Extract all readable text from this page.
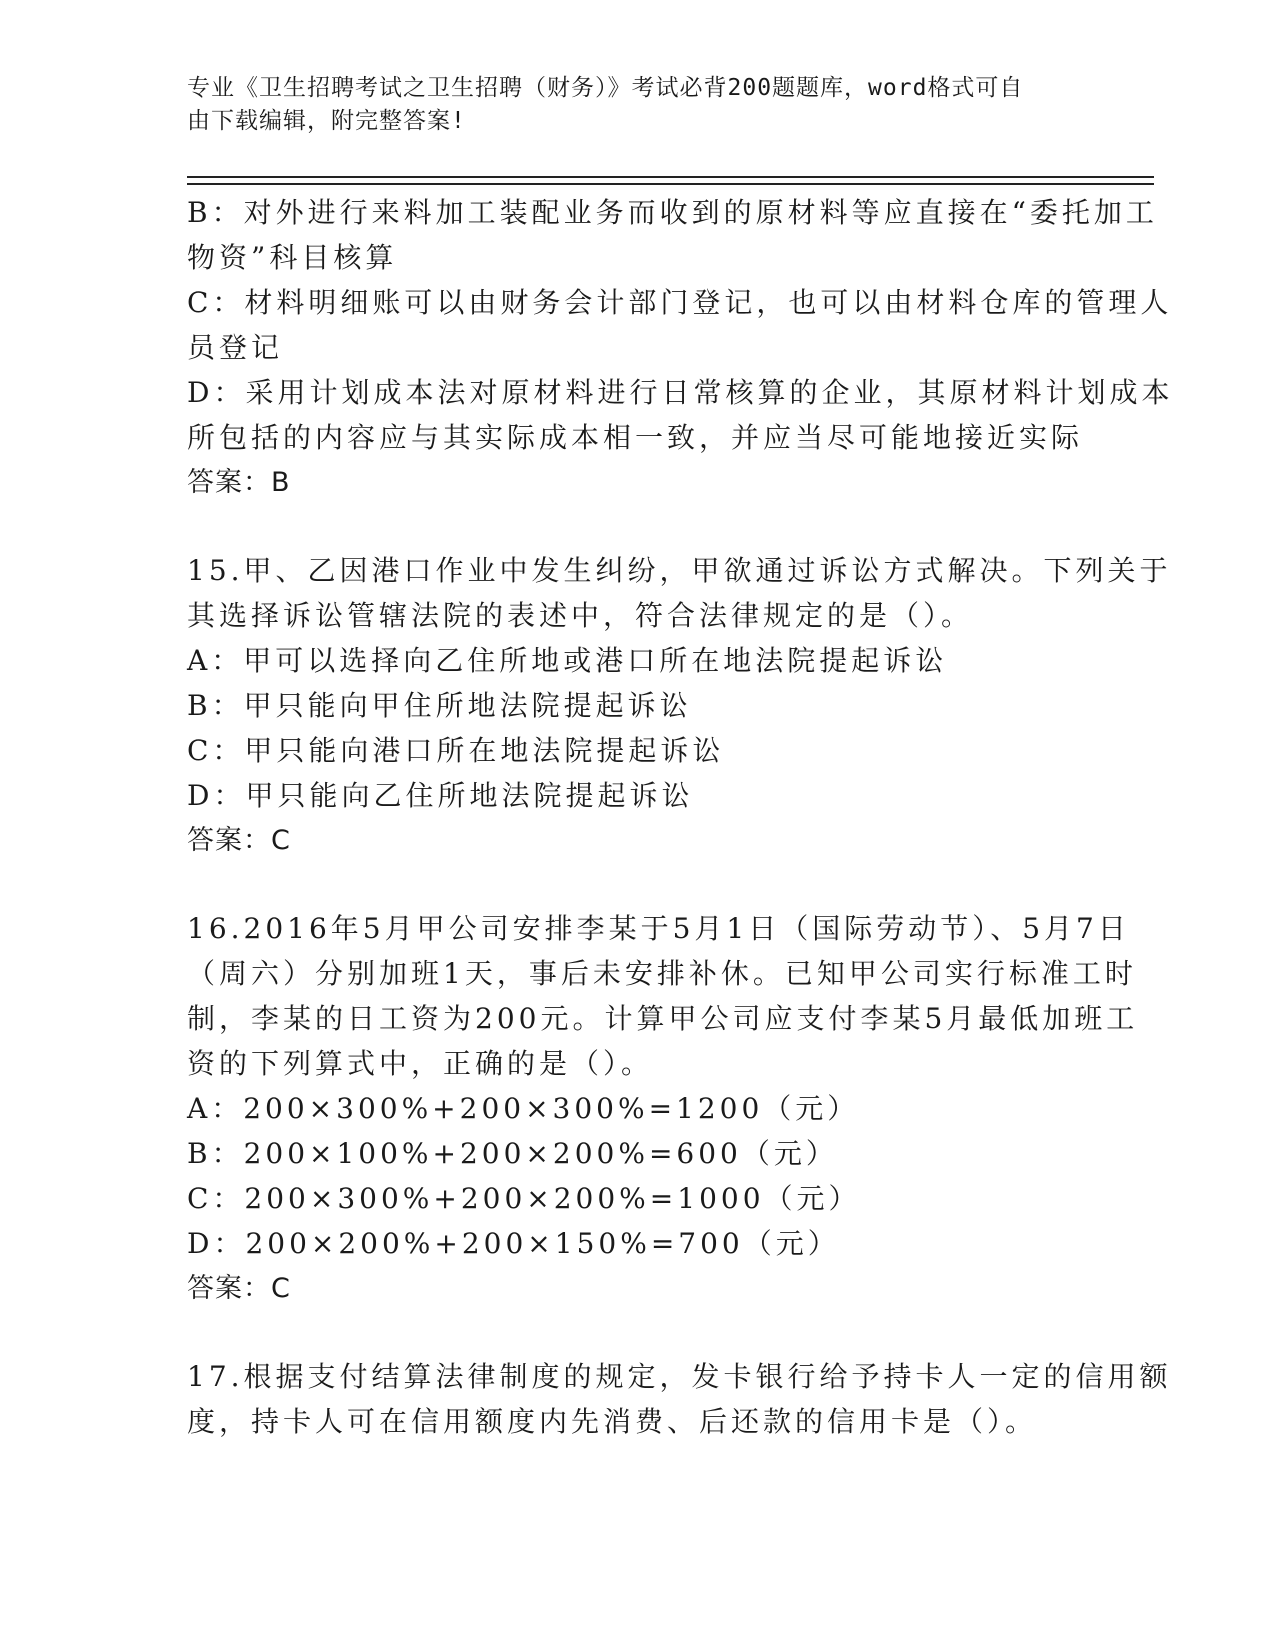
专业《卫生招聘考试之卫生招聘（财务）》考试必背200题题库，word格式可自
由下载编辑，附完整答案!
B：对外进行来料加工装配业务而收到的原材料等应直接在“委托加工
物资”科目核算
C：材料明细账可以由财务会计部门登记，也可以由材料仓库的管理人
员登记
D：采用计划成本法对原材料进行日常核算的企业，其原材料计划成本
所包括的内容应与其实际成本相一致，并应当尽可能地接近实际
答案：B
15.甲、乙因港口作业中发生纠纷，甲欲通过诉讼方式解决。下列关于
其选择诉讼管辖法院的表述中，符合法律规定的是（）。
A：甲可以选择向乙住所地或港口所在地法院提起诉讼
B：甲只能向甲住所地法院提起诉讼
C：甲只能向港口所在地法院提起诉讼
D：甲只能向乙住所地法院提起诉讼
答案：C
16.2016年5月甲公司安排李某于5月1日（国际劳动节）、5月7日
（周六）分别加班1天，事后未安排补休。已知甲公司实行标准工时
制，李某的日工资为200元。计算甲公司应支付李某5月最低加班工
资的下列算式中，正确的是（）。
A：200×300%+200×300%=1200（元）
B：200×100%+200×200%=600（元）
C：200×300%+200×200%=1000（元）
D：200×200%+200×150%=700（元）
答案：C
17.根据支付结算法律制度的规定，发卡银行给予持卡人一定的信用额
度，持卡人可在信用额度内先消费、后还款的信用卡是（）。
